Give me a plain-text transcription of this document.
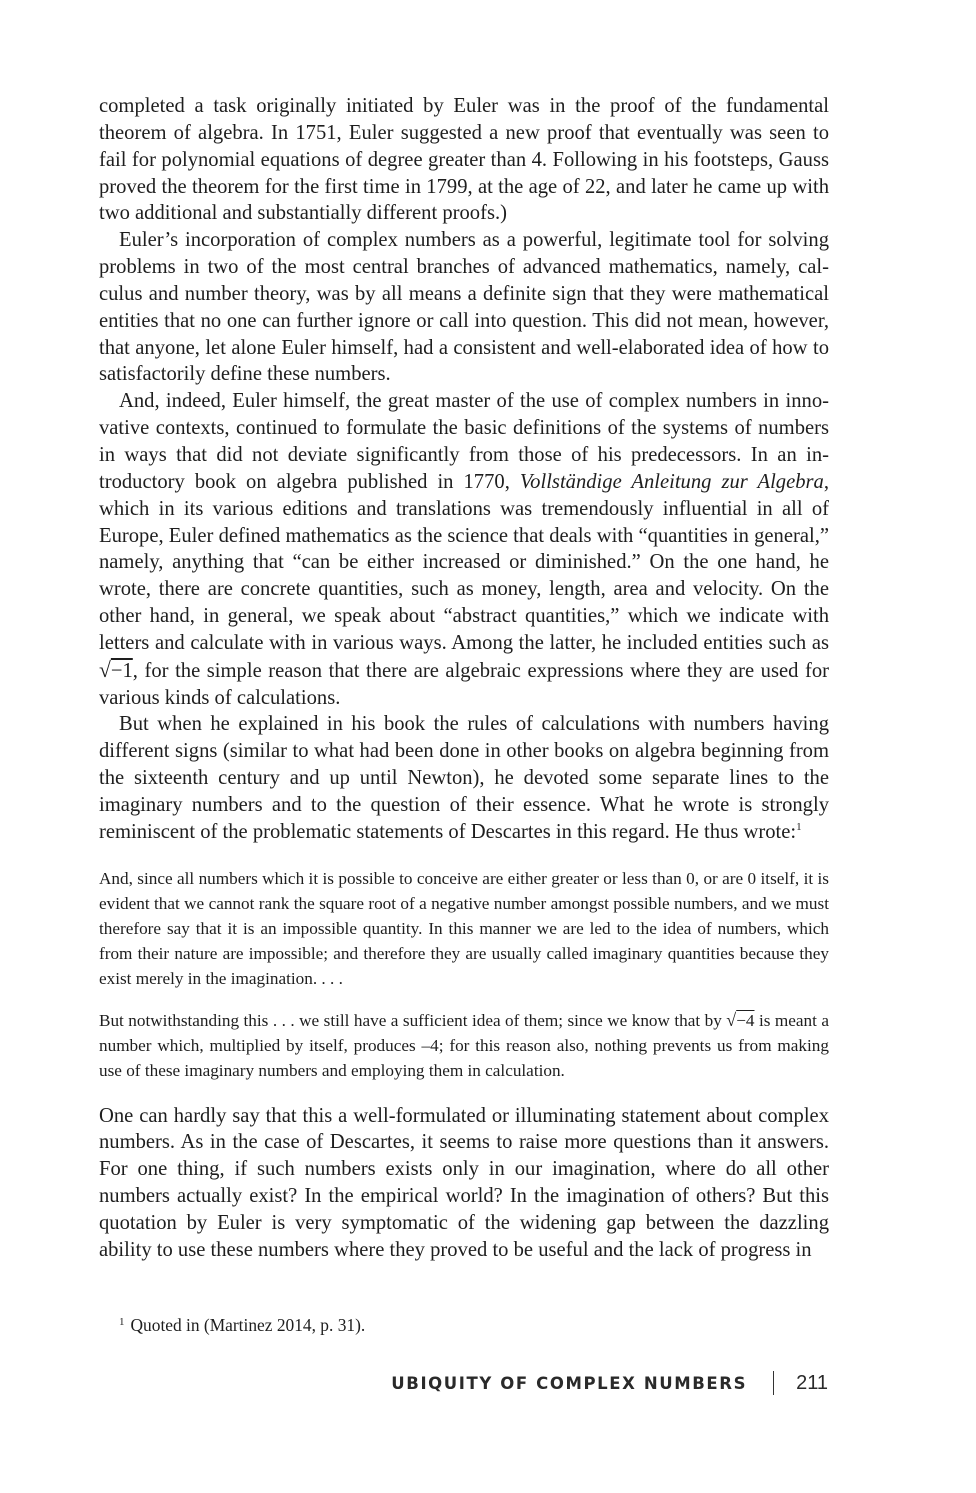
completed a task originally initiated by Euler was in the proof of the fundamental theorem of algebra. In 1751, Euler suggested a new proof that eventually was seen to fail for polynomial equations of degree greater than 4. Following in his footsteps, Gauss proved the theorem for the first time in 1799, at the age of 22, and later he came up with two additional and substantially different proofs.)

Euler’s incorporation of complex numbers as a powerful, legitimate tool for solving problems in two of the most central branches of advanced mathematics, namely, calculus and number theory, was by all means a definite sign that they were mathematical entities that no one can further ignore or call into question. This did not mean, however, that anyone, let alone Euler himself, had a consistent and well-elaborated idea of how to satisfactorily define these numbers.

And, indeed, Euler himself, the great master of the use of complex numbers in innovative contexts, continued to formulate the basic definitions of the systems of numbers in ways that did not deviate significantly from those of his predecessors. In an introductory book on algebra published in 1770, Vollständige Anleitung zur Algebra, which in its various editions and translations was tremendously influential in all of Europe, Euler defined mathematics as the science that deals with “quantities in general,” namely, anything that “can be either increased or diminished.” On the one hand, he wrote, there are concrete quantities, such as money, length, area and velocity. On the other hand, in general, we speak about “abstract quantities,” which we indicate with letters and calculate with in various ways. Among the latter, he included entities such as √−1, for the simple reason that there are algebraic expressions where they are used for various kinds of calculations.

But when he explained in his book the rules of calculations with numbers having different signs (similar to what had been done in other books on algebra beginning from the sixteenth century and up until Newton), he devoted some separate lines to the imaginary numbers and to the question of their essence. What he wrote is strongly reminiscent of the problematic statements of Descartes in this regard. He thus wrote:$^1$

And, since all numbers which it is possible to conceive are either greater or less than 0, or are 0 itself, it is evident that we cannot rank the square root of a negative number amongst possible numbers, and we must therefore say that it is an impossible quantity. In this manner we are led to the idea of numbers, which from their nature are impossible; and therefore they are usually called imaginary quantities because they exist merely in the imagination. . . .

But notwithstanding this . . . we still have a sufficient idea of them; since we know that by √−4 is meant a number which, multiplied by itself, produces –4; for this reason also, nothing prevents us from making use of these imaginary numbers and employing them in calculation.

One can hardly say that this a well-formulated or illuminating statement about complex numbers. As in the case of Descartes, it seems to raise more questions than it answers. For one thing, if such numbers exists only in our imagination, where do all other numbers actually exist? In the empirical world? In the imagination of others? But this quotation by Euler is very symptomatic of the widening gap between the dazzling ability to use these numbers where they proved to be useful and the lack of progress in

$^1$ Quoted in (Martinez 2014, p. 31).
UBIQUITY OF COMPLEX NUMBERS 211
